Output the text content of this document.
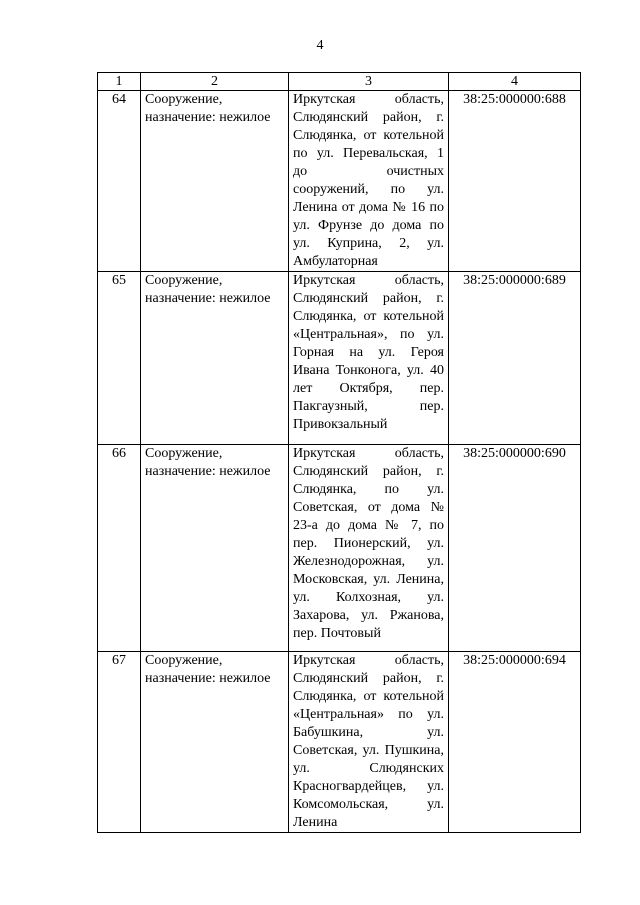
4
1	2	3	4
64	Сооружение, назначение: нежилое	Иркутская область, Слюдянский район, г. Слюдянка, от котельной по ул. Перевальская, 1 до очистных сооружений, по ул. Ленина от дома № 16 по ул. Фрунзе до дома по ул. Куприна, 2, ул. Амбулаторная	38:25:000000:688
65	Сооружение, назначение: нежилое	Иркутская область, Слюдянский район, г. Слюдянка, от котельной «Центральная», по ул. Горная на ул. Героя Ивана Тонконога, ул. 40 лет Октября, пер. Пакгаузный, пер. Привокзальный	38:25:000000:689
66	Сооружение, назначение: нежилое	Иркутская область, Слюдянский район, г. Слюдянка, по ул. Советская, от дома № 23-а до дома № 7, по пер. Пионерский, ул. Железнодорожная, ул. Московская, ул. Ленина, ул. Колхозная, ул. Захарова, ул. Ржанова, пер. Почтовый	38:25:000000:690
67	Сооружение, назначение: нежилое	Иркутская область, Слюдянский район, г. Слюдянка, от котельной «Центральная» по ул. Бабушкина, ул. Советская, ул. Пушкина, ул. Слюдянских Красногвардейцев, ул. Комсомольская, ул. Ленина	38:25:000000:694
